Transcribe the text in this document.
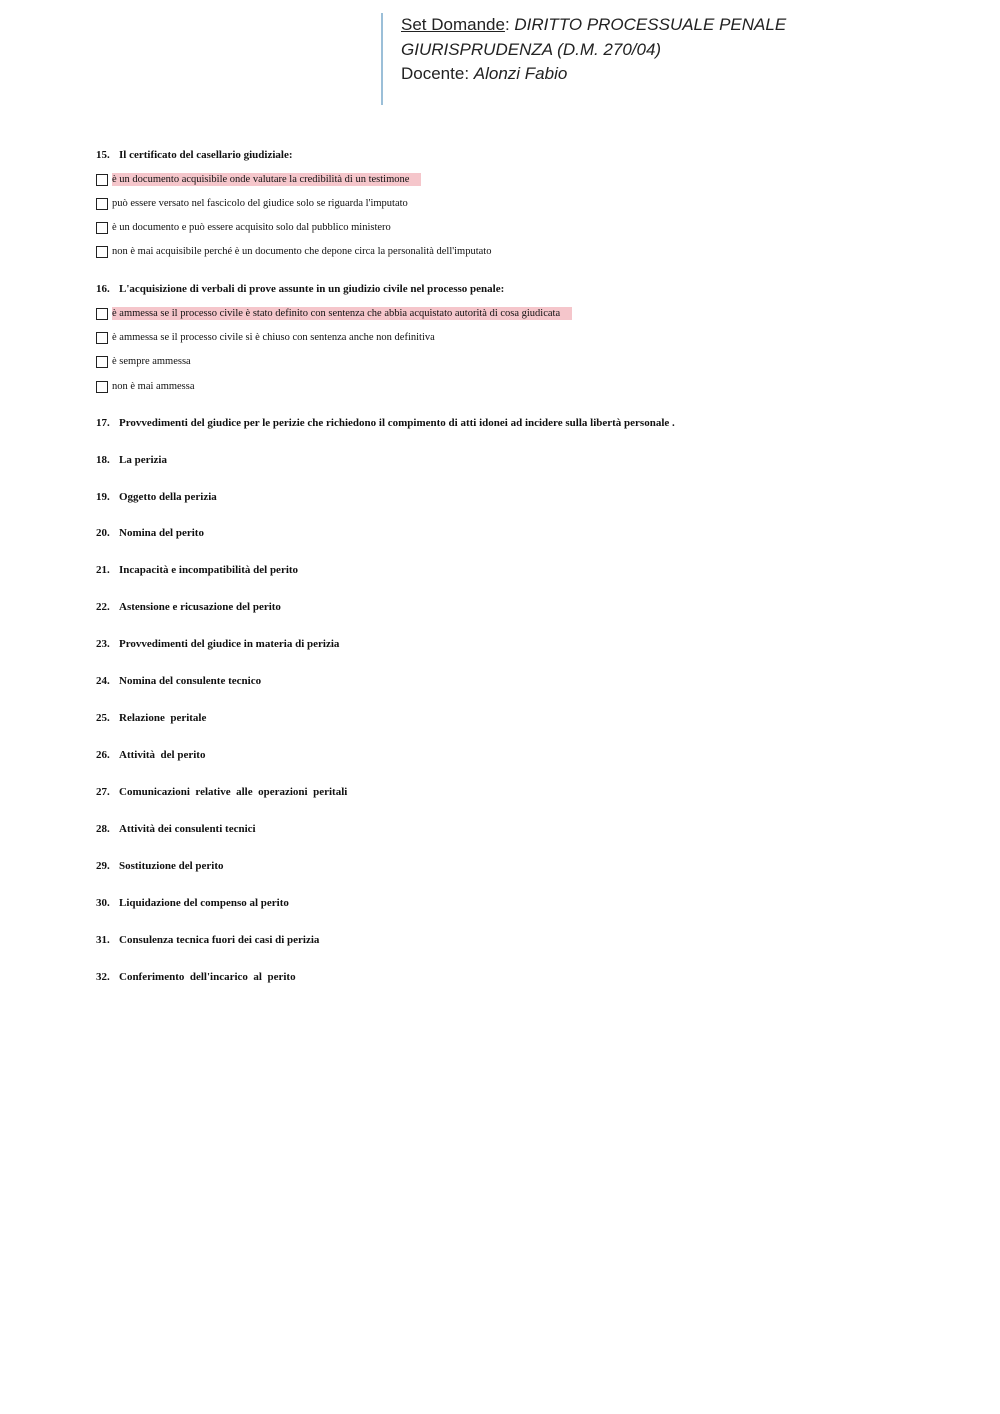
Set Domande: DIRITTO PROCESSUALE PENALE
GIURISPRUDENZA (D.M. 270/04)
Docente: Alonzi Fabio
15. Il certificato del casellario giudiziale:
è un documento acquisibile onde valutare la credibilità di un testimone
può essere versato nel fascicolo del giudice solo se riguarda l'imputato
è un documento e può essere acquisito solo dal pubblico ministero
non è mai acquisibile perché è un documento che depone circa la personalità dell'imputato
16. L'acquisizione di verbali di prove assunte in un giudizio civile nel processo penale:
è ammessa se il processo civile è stato definito con sentenza che abbia acquistato autorità di cosa giudicata
è ammessa se il processo civile si è chiuso con sentenza anche non definitiva
è sempre ammessa
non è mai ammessa
17. Provvedimenti del giudice per le perizie che richiedono il compimento di atti idonei ad incidere sulla libertà personale .
18. La perizia
19. Oggetto della perizia
20. Nomina del perito
21. Incapacità e incompatibilità del perito
22. Astensione e ricusazione del perito
23. Provvedimenti del giudice in materia di perizia
24. Nomina del consulente tecnico
25. Relazione  peritale
26. Attività  del perito
27. Comunicazioni  relative  alle  operazioni  peritali
28. Attività dei consulenti tecnici
29. Sostituzione del perito
30. Liquidazione del compenso al perito
31. Consulenza tecnica fuori dei casi di perizia
32. Conferimento  dell'incarico  al  perito
